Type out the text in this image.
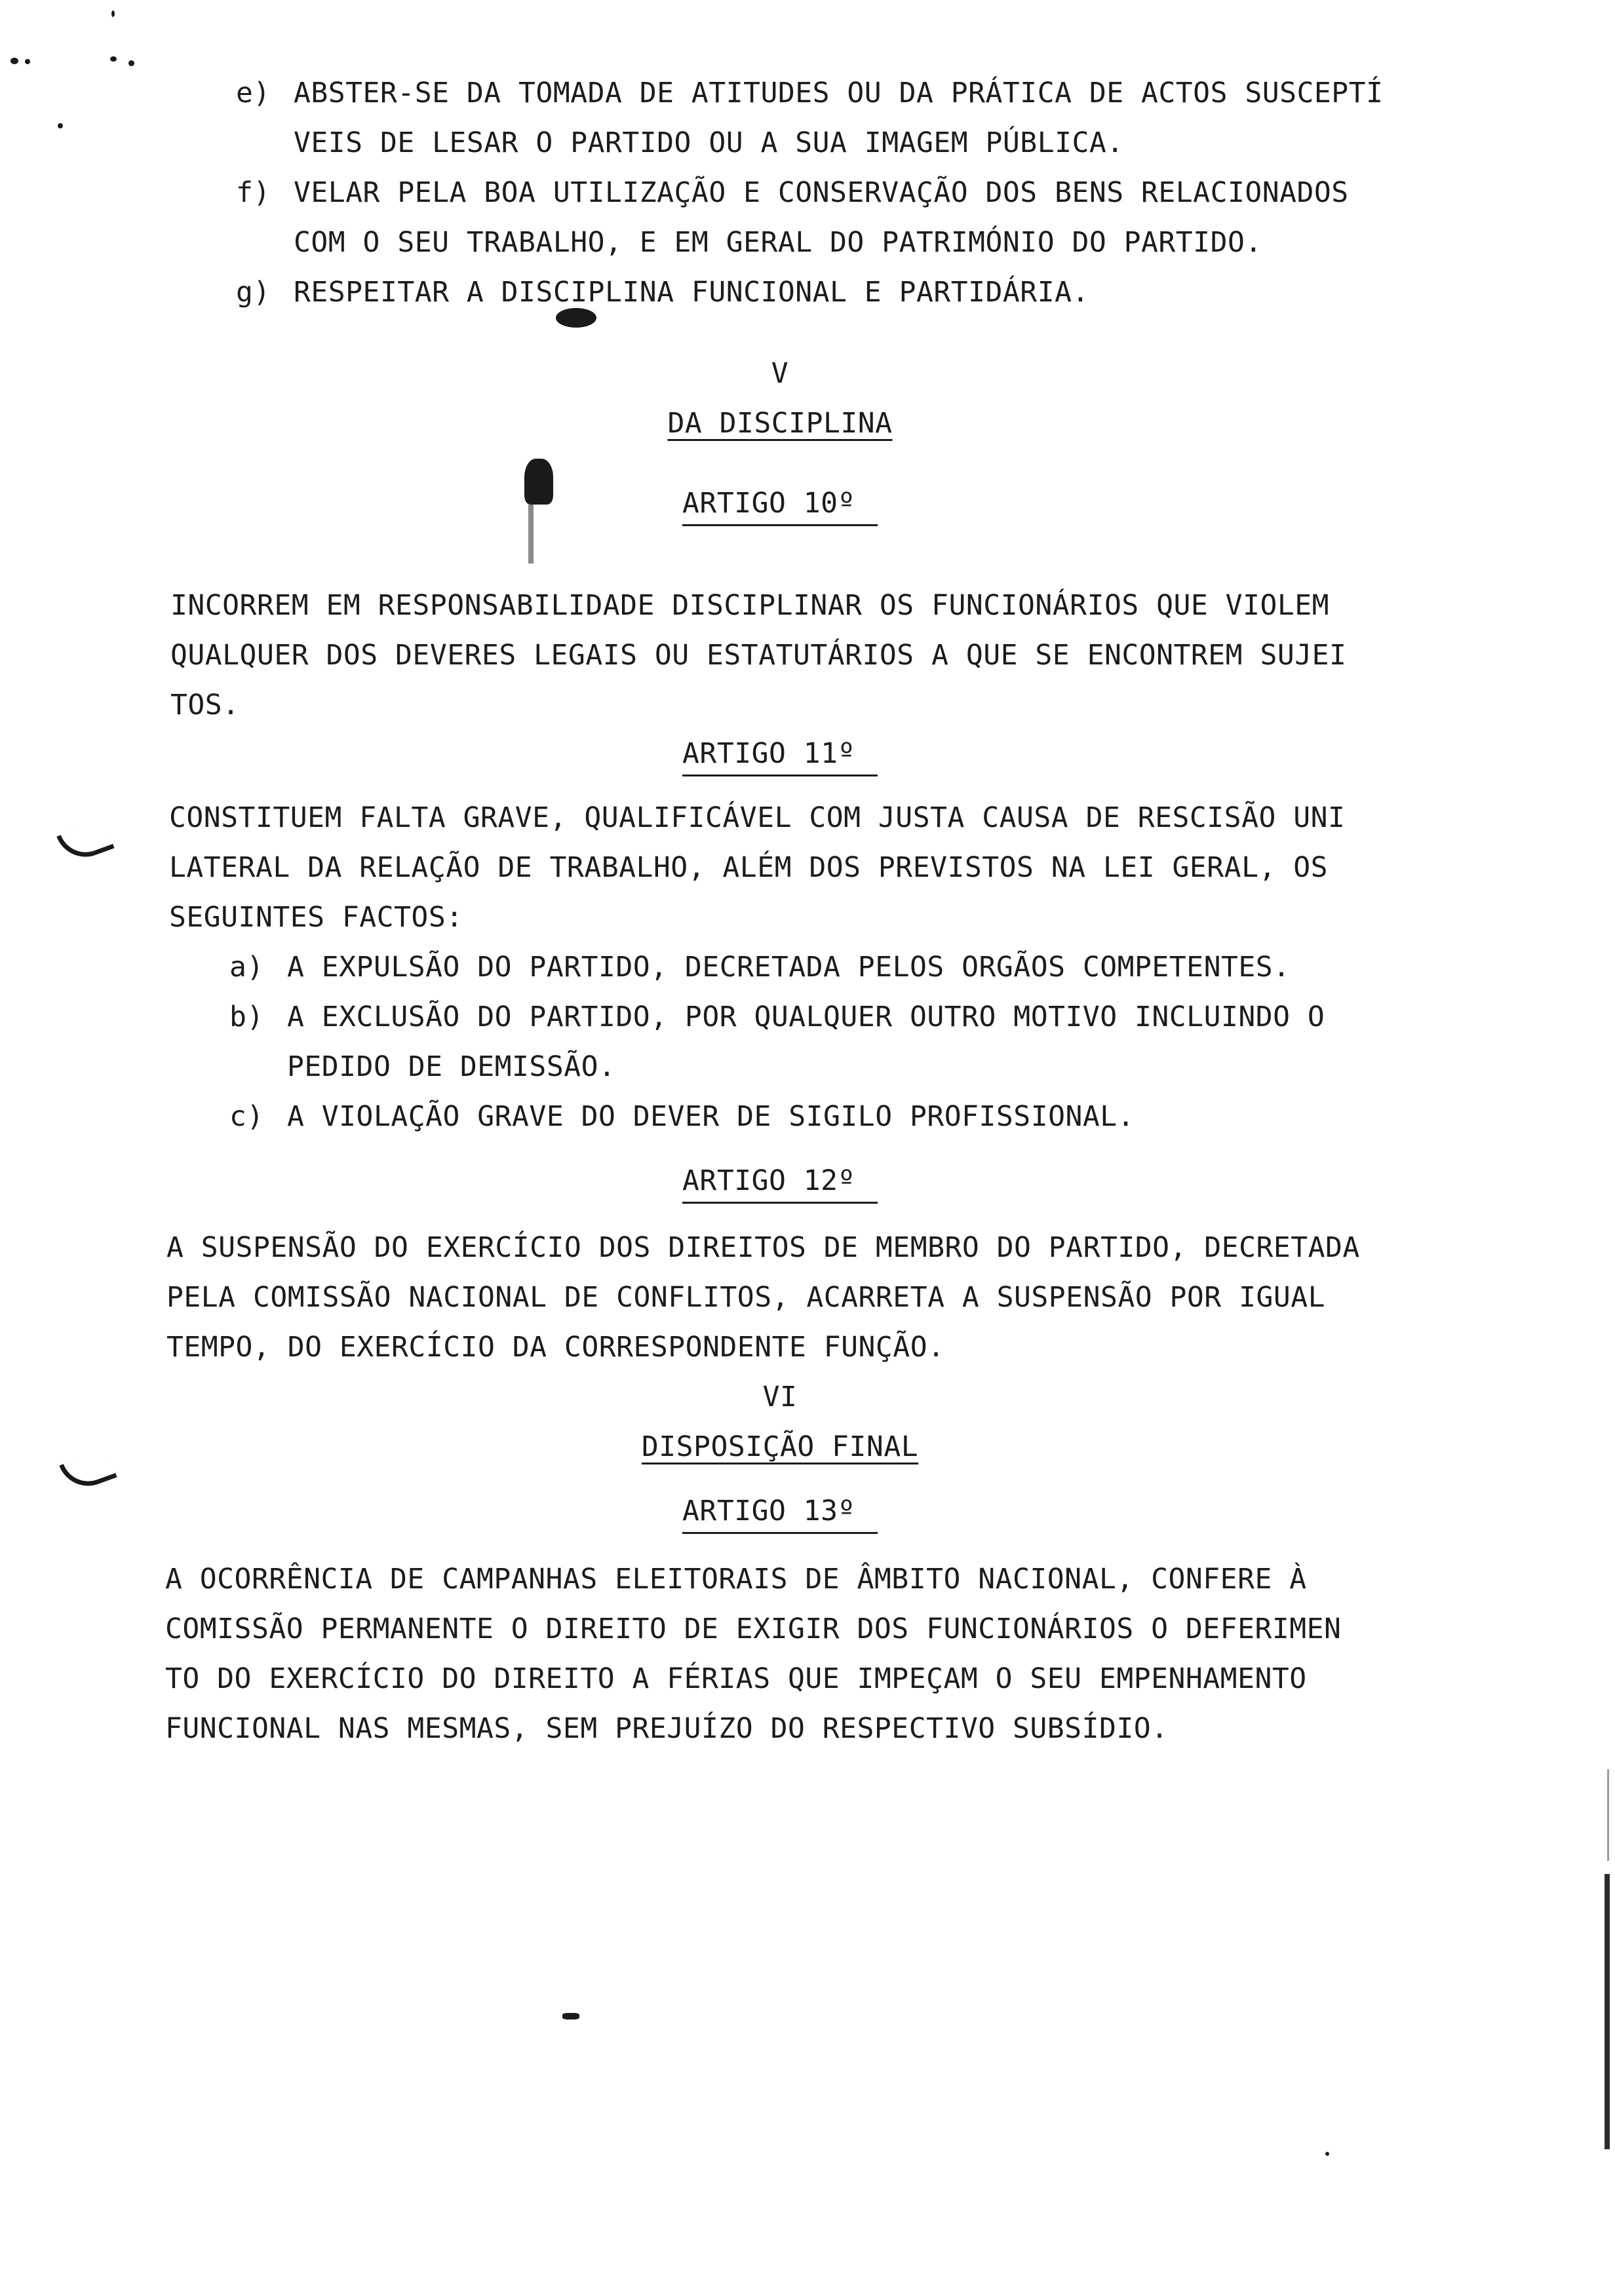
e) ABSTER-SE DA TOMADA DE ATITUDES OU DA PRÁTICA DE ACTOS SUSCEPTÍ
VEIS DE LESAR O PARTIDO OU A SUA IMAGEM PÚBLICA.
f) VELAR PELA BOA UTILIZAÇÃO E CONSERVAÇÃO DOS BENS RELACIONADOS
COM O SEU TRABALHO, E EM GERAL DO PATRIMÓNIO DO PARTIDO.
g) RESPEITAR A DISCIPLINA FUNCIONAL E PARTIDÁRIA.
V
DA DISCIPLINA
ARTIGO 10º
INCORREM EM RESPONSABILIDADE DISCIPLINAR OS FUNCIONÁRIOS QUE VIOLEM
QUALQUER DOS DEVERES LEGAIS OU ESTATUTÁRIOS A QUE SE ENCONTREM SUJEI
TOS.
ARTIGO 11º
CONSTITUEM FALTA GRAVE, QUALIFICÁVEL COM JUSTA CAUSA DE RESCISÃO UNI
LATERAL DA RELAÇÃO DE TRABALHO, ALÉM DOS PREVISTOS NA LEI GERAL, OS
SEGUINTES FACTOS:
a) A EXPULSÃO DO PARTIDO, DECRETADA PELOS ORGÃOS COMPETENTES.
b) A EXCLUSÃO DO PARTIDO, POR QUALQUER OUTRO MOTIVO INCLUINDO O
PEDIDO DE DEMISSÃO.
c) A VIOLAÇÃO GRAVE DO DEVER DE SIGILO PROFISSIONAL.
ARTIGO 12º
A SUSPENSÃO DO EXERCÍCIO DOS DIREITOS DE MEMBRO DO PARTIDO, DECRETADA
PELA COMISSÃO NACIONAL DE CONFLITOS, ACARRETA A SUSPENSÃO POR IGUAL
TEMPO, DO EXERCÍCIO DA CORRESPONDENTE FUNÇÃO.
VI
DISPOSIÇÃO FINAL
ARTIGO 13º
A OCORRÊNCIA DE CAMPANHAS ELEITORAIS DE ÂMBITO NACIONAL, CONFERE À
COMISSÃO PERMANENTE O DIREITO DE EXIGIR DOS FUNCIONÁRIOS O DEFERIMEN
TO DO EXERCÍCIO DO DIREITO A FÉRIAS QUE IMPEÇAM O SEU EMPENHAMENTO
FUNCIONAL NAS MESMAS, SEM PREJUÍZO DO RESPECTIVO SUBSÍDIO.
